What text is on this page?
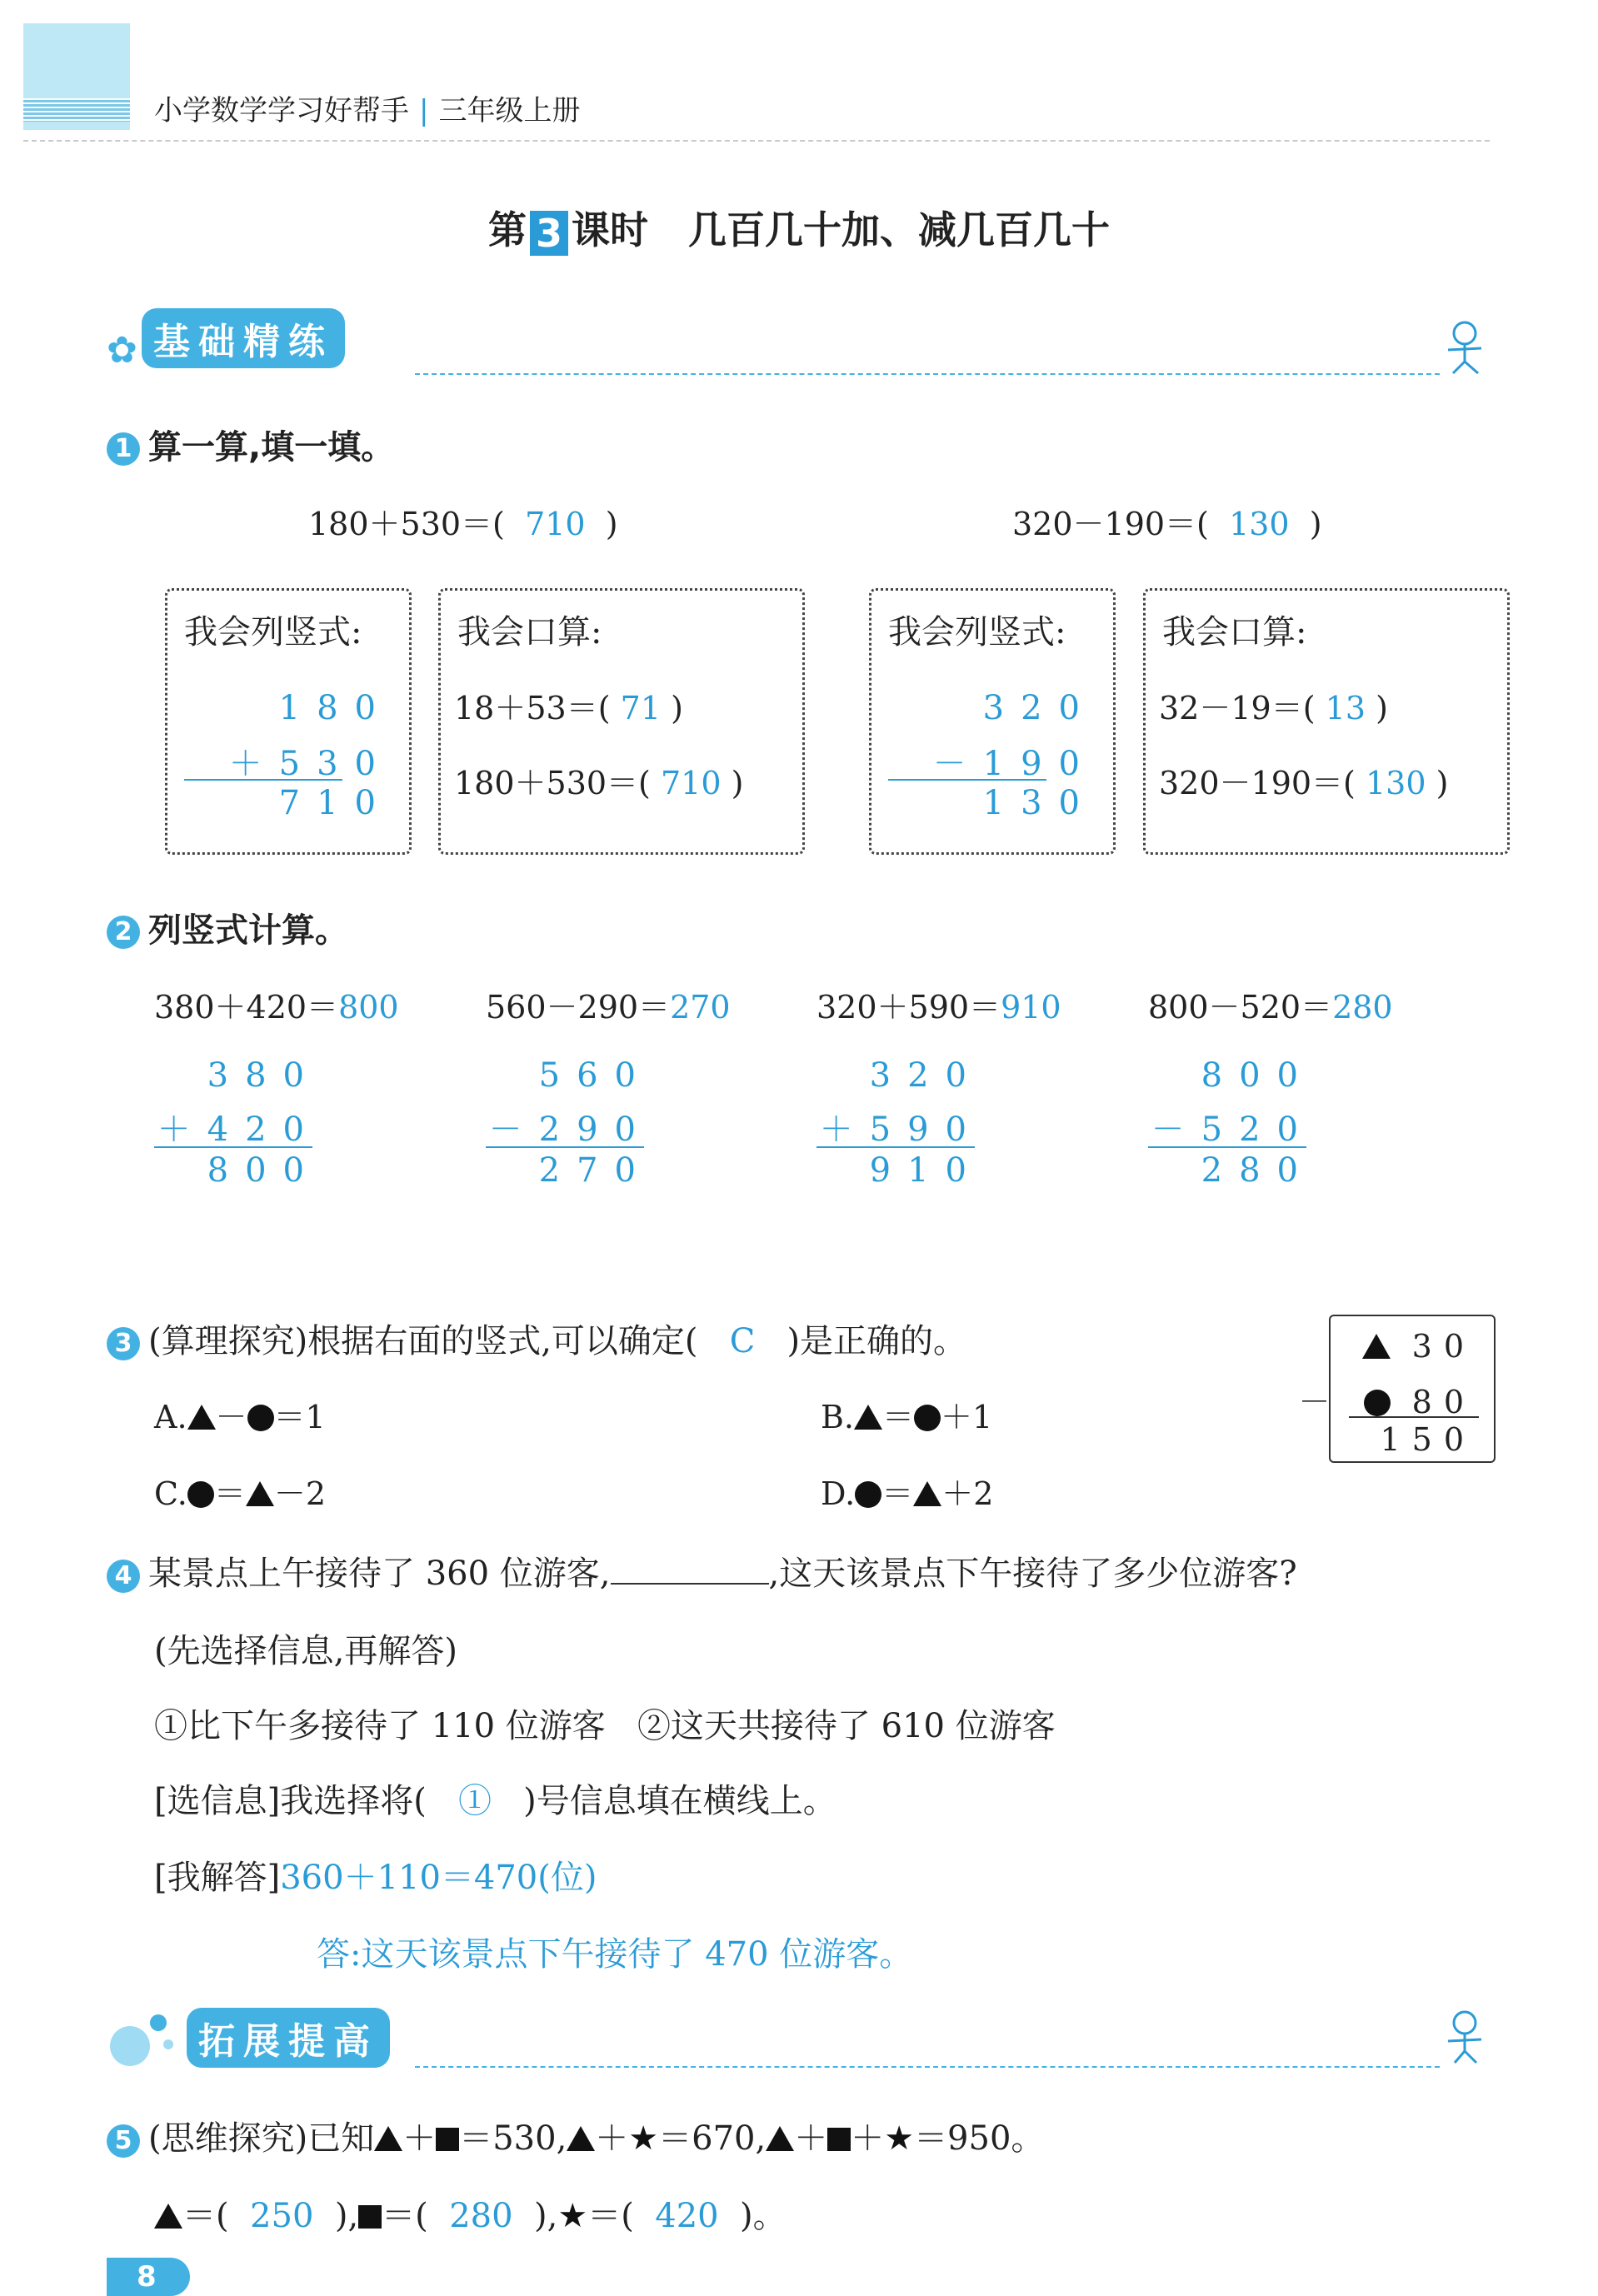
小学数学学习好帮手 | 三年级上册
第 3 课时 几百几十加、减几百几十
✿ 基础精练
1 算一算,填一填。
180＋530＝( 710 )	320－190＝( 130 )
我会列竖式:
180
＋530
710
我会口算:
18＋53＝( 71 )
180＋530＝( 710 )
我会列竖式:
320
－190
130
我会口算:
32－19＝( 13 )
320－190＝( 130 )
2 列竖式计算。
380＋420＝800
380
＋420
800
560－290＝270
560
－290
270
320＋590＝910
320
＋590
910
800－520＝280
800
－520
280
3 (算理探究)根据右面的竖式,可以确定( C )是正确的。
A. － ＝1	B. ＝ ＋1
C. ＝ －2	D. ＝ ＋2
30
－ 80
150
4 某景点上午接待了 360 位游客,	,这天该景点下午接待了多少位游客?
(先选择信息,再解答)
①比下午多接待了 110 位游客 ②这天共接待了 610 位游客
[选信息]我选择将( ① )号信息填在横线上。
[我解答]360＋110＝470(位)
答:这天该景点下午接待了 470 位游客。
拓展提高
5 (思维探究)已知 ＋ ＝530, ＋★＝670, ＋ ＋★＝950。
＝( 250 ), ＝( 280 ),★＝( 420 )。
8
